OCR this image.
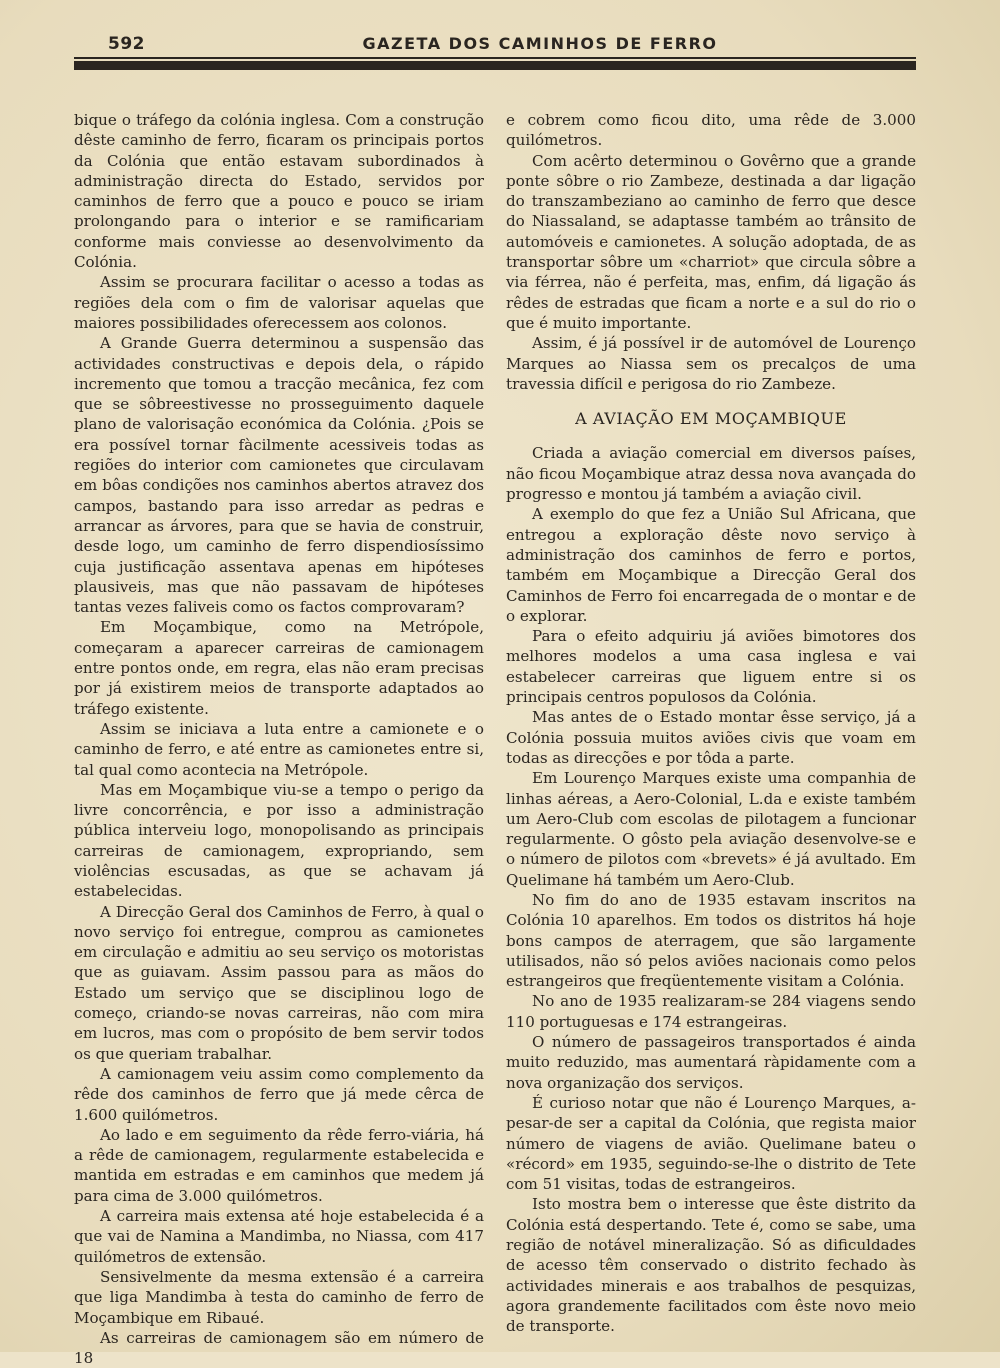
592	GAZETA DOS CAMINHOS DE FERRO

bique o tráfego da colónia inglesa. Com a construção dêste caminho de ferro, ficaram os principais portos da Colónia que então estavam subordinados à administração directa do Estado, servidos por caminhos de ferro que a pouco e pouco se iriam prolongando para o interior e se ramificariam conforme mais conviesse ao desenvolvimento da Colónia.

Assim se procurara facilitar o acesso a todas as regiões dela com o fim de valorisar aquelas que maiores possibilidades oferecessem aos colonos.

A Grande Guerra determinou a suspensão das actividades constructivas e depois dela, o rápido incremento que tomou a tracção mecânica, fez com que se sôbreestivesse no prosseguimento daquele plano de valorisação económica da Colónia. ¿Pois se era possível tornar fàcilmente acessiveis todas as regiões do interior com camionetes que circulavam em bôas condições nos caminhos abertos atravez dos campos, bastando para isso arredar as pedras e arrancar as árvores, para que se havia de construir, desde logo, um caminho de ferro dispendiosíssimo cuja justificação assentava apenas em hipóteses plausiveis, mas que não passavam de hipóteses tantas vezes faliveis como os factos comprovaram?

Em Moçambique, como na Metrópole, começaram a aparecer carreiras de camionagem entre pontos onde, em regra, elas não eram precisas por já existirem meios de transporte adaptados ao tráfego existente.

Assim se iniciava a luta entre a camionete e o caminho de ferro, e até entre as camionetes entre si, tal qual como acontecia na Metrópole.

Mas em Moçambique viu-se a tempo o perigo da livre concorrência, e por isso a administração pública interveiu logo, monopolisando as principais carreiras de camionagem, expropriando, sem violências escusadas, as que se achavam já estabelecidas.

A Direcção Geral dos Caminhos de Ferro, à qual o novo serviço foi entregue, comprou as camionetes em circulação e admitiu ao seu serviço os motoristas que as guiavam. Assim passou para as mãos do Estado um serviço que se disciplinou logo de começo, criando-se novas carreiras, não com mira em lucros, mas com o propósito de bem servir todos os que queriam trabalhar.

A camionagem veiu assim como complemento da rêde dos caminhos de ferro que já mede cêrca de 1.600 quilómetros.

Ao lado e em seguimento da rêde ferro-viária, há a rêde de camionagem, regularmente estabelecida e mantida em estradas e em caminhos que medem já para cima de 3.000 quilómetros.

A carreira mais extensa até hoje estabelecida é a que vai de Namina a Mandimba, no Niassa, com 417 quilómetros de extensão.

Sensivelmente da mesma extensão é a carreira que liga Mandimba à testa do caminho de ferro de Moçambique em Ribaué.

As carreiras de camionagem são em número de 18

e cobrem como ficou dito, uma rêde de 3.000 quilómetros.

Com acêrto determinou o Govêrno que a grande ponte sôbre o rio Zambeze, destinada a dar ligação do transzambeziano ao caminho de ferro que desce do Niassaland, se adaptasse também ao trânsito de automóveis e camionetes. A solução adoptada, de as transportar sôbre um «charriot» que circula sôbre a via férrea, não é perfeita, mas, enfim, dá ligação ás rêdes de estradas que ficam a norte e a sul do rio o que é muito importante.

Assim, é já possível ir de automóvel de Lourenço Marques ao Niassa sem os precalços de uma travessia difícil e perigosa do rio Zambeze.

A AVIAÇÃO EM MOÇAMBIQUE

Criada a aviação comercial em diversos países, não ficou Moçambique atraz dessa nova avançada do progresso e montou já também a aviação civil.

A exemplo do que fez a União Sul Africana, que entregou a exploração dêste novo serviço à administração dos caminhos de ferro e portos, também em Moçambique a Direcção Geral dos Caminhos de Ferro foi encarregada de o montar e de o explorar.

Para o efeito adquiriu já aviões bimotores dos melhores modelos a uma casa inglesa e vai estabelecer carreiras que liguem entre si os principais centros populosos da Colónia.

Mas antes de o Estado montar êsse serviço, já a Colónia possuia muitos aviões civis que voam em todas as direcções e por tôda a parte.

Em Lourenço Marques existe uma companhia de linhas aéreas, a Aero-Colonial, L.da e existe também um Aero-Club com escolas de pilotagem a funcionar regularmente. O gôsto pela aviação desenvolve-se e o número de pilotos com «brevets» é já avultado. Em Quelimane há também um Aero-Club.

No fim do ano de 1935 estavam inscritos na Colónia 10 aparelhos. Em todos os distritos há hoje bons campos de aterragem, que são largamente utilisados, não só pelos aviões nacionais como pelos estrangeiros que freqüentemente visitam a Colónia.

No ano de 1935 realizaram-se 284 viagens sendo 110 portuguesas e 174 estrangeiras.

O número de passageiros transportados é ainda muito reduzido, mas aumentará ràpidamente com a nova organização dos serviços.

É curioso notar que não é Lourenço Marques, a-pesar-de ser a capital da Colónia, que regista maior número de viagens de avião. Quelimane bateu o «récord» em 1935, seguindo-se-lhe o distrito de Tete com 51 visitas, todas de estrangeiros.

Isto mostra bem o interesse que êste distrito da Colónia está despertando. Tete é, como se sabe, uma região de notável mineralização. Só as dificuldades de acesso têm conservado o distrito fechado às actividades minerais e aos trabalhos de pesquizas, agora grandemente facilitados com êste novo meio de transporte.
